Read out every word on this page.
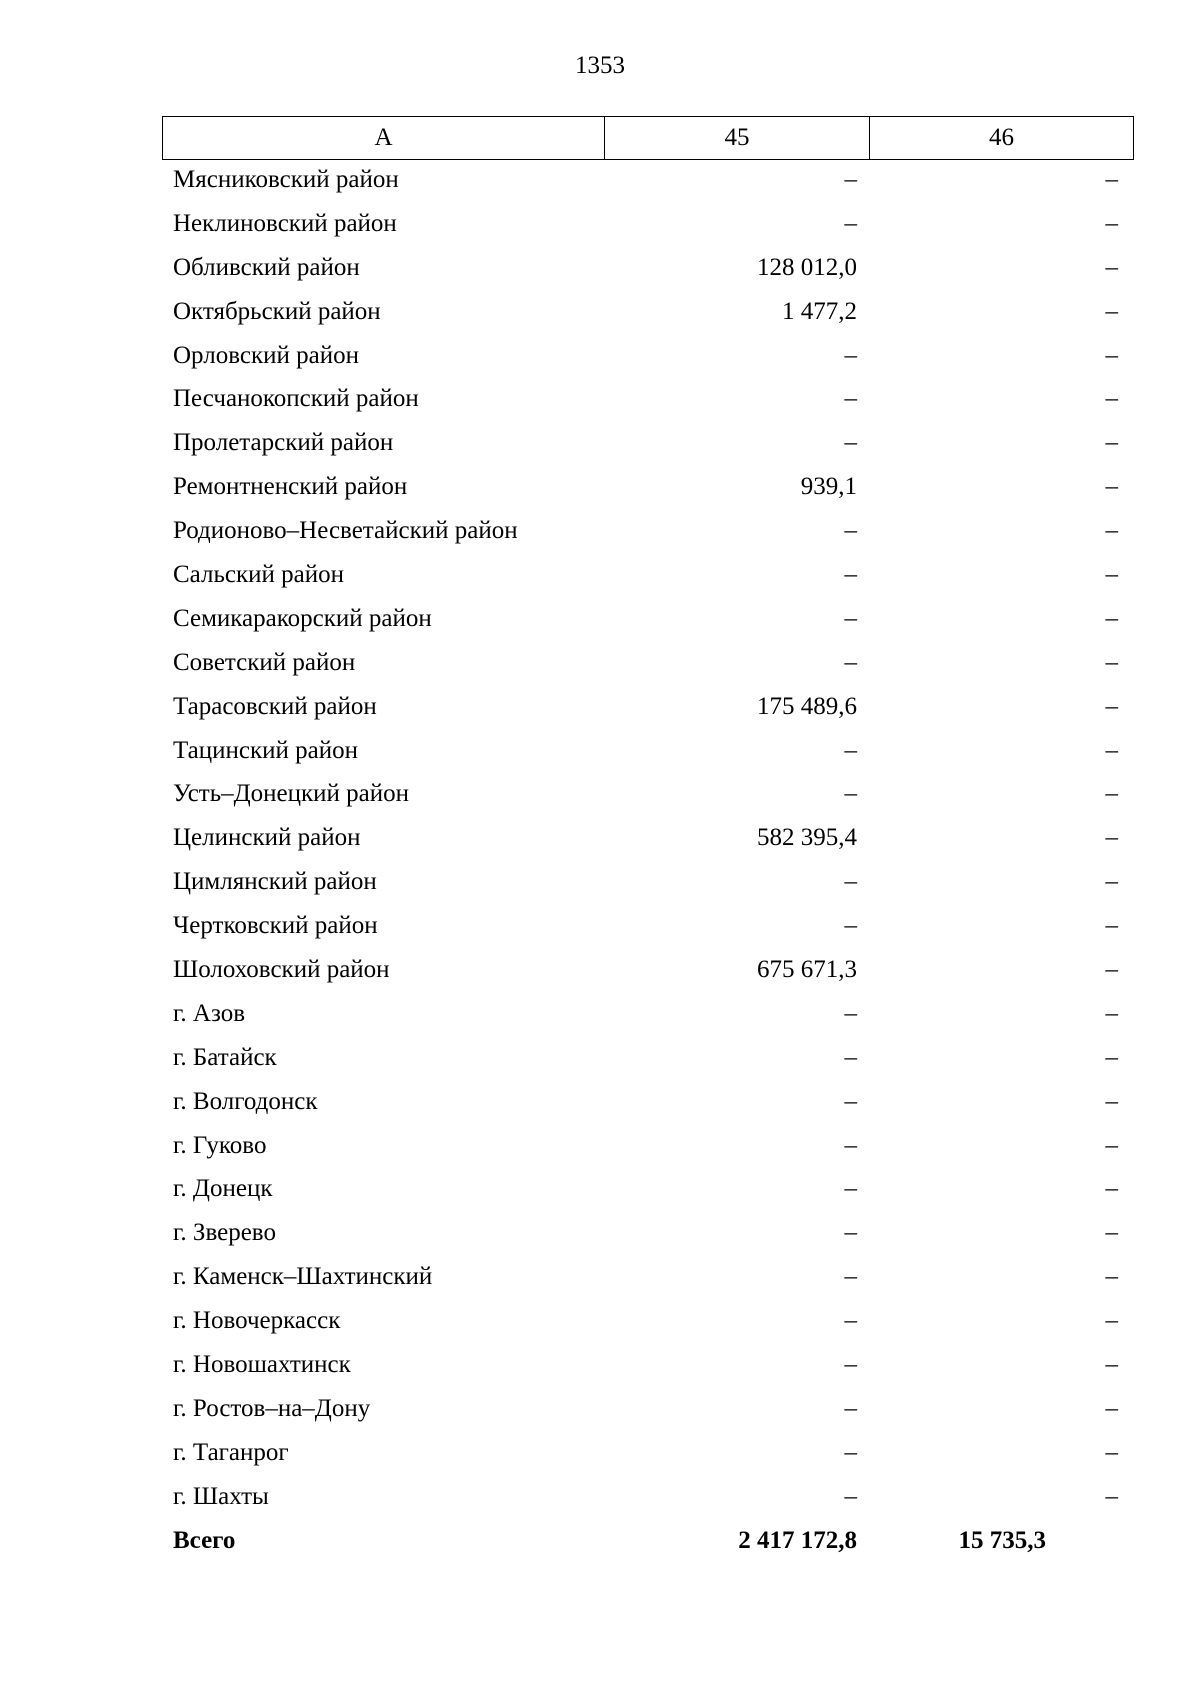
1353
А	45	46
Мясниковский район	–	–
Неклиновский район	–	–
Обливский район	128 012,0	–
Октябрьский район	1 477,2	–
Орловский район	–	–
Песчанокопский район	–	–
Пролетарский район	–	–
Ремонтненский район	939,1	–
Родионово–Несветайский район	–	–
Сальский район	–	–
Семикаракорский район	–	–
Советский район	–	–
Тарасовский район	175 489,6	–
Тацинский район	–	–
Усть–Донецкий район	–	–
Целинский район	582 395,4	–
Цимлянский район	–	–
Чертковский район	–	–
Шолоховский район	675 671,3	–
г. Азов	–	–
г. Батайск	–	–
г. Волгодонск	–	–
г. Гуково	–	–
г. Донецк	–	–
г. Зверево	–	–
г. Каменск–Шахтинский	–	–
г. Новочеркасск	–	–
г. Новошахтинск	–	–
г. Ростов–на–Дону	–	–
г. Таганрог	–	–
г. Шахты	–	–
Всего	2 417 172,8	15 735,3
